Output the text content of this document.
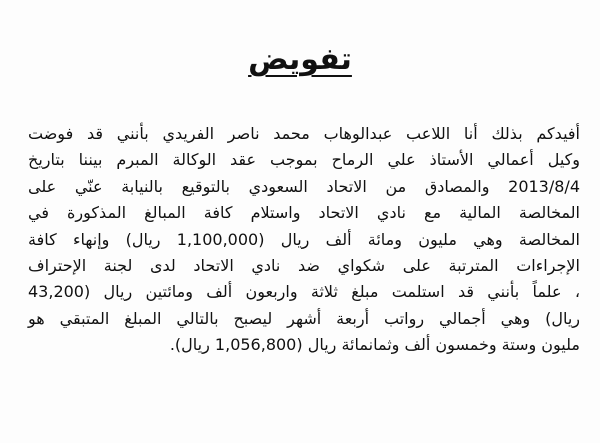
تفويض
أفيدكم بذلك أنا اللاعب عبدالوهاب محمد ناصر الفريدي بأنني قد فوضت
وكيل أعمالي الأستاذ علي الرماح بموجب عقد الوكالة المبرم بيننا بتاريخ
2013/8/4 والمصادق من الاتحاد السعودي بالتوقيع بالنيابة عنّي على
المخالصة المالية مع نادي الاتحاد واستلام كافة المبالغ المذكورة في
المخالصة وهي مليون ومائة ألف ريال (1,100,000 ريال) وإنهاء كافة
الإجراءات المترتبة على شكواي ضد نادي الاتحاد لدى لجنة الإحتراف
، علماً بأنني قد استلمت مبلغ ثلاثة واربعون ألف ومائتين ريال (43,200
ريال) وهي أجمالي رواتب أربعة أشهر ليصبح بالتالي المبلغ المتبقي هو
مليون وستة وخمسون ألف وثمانمائة ريال (1,056,800 ريال).
